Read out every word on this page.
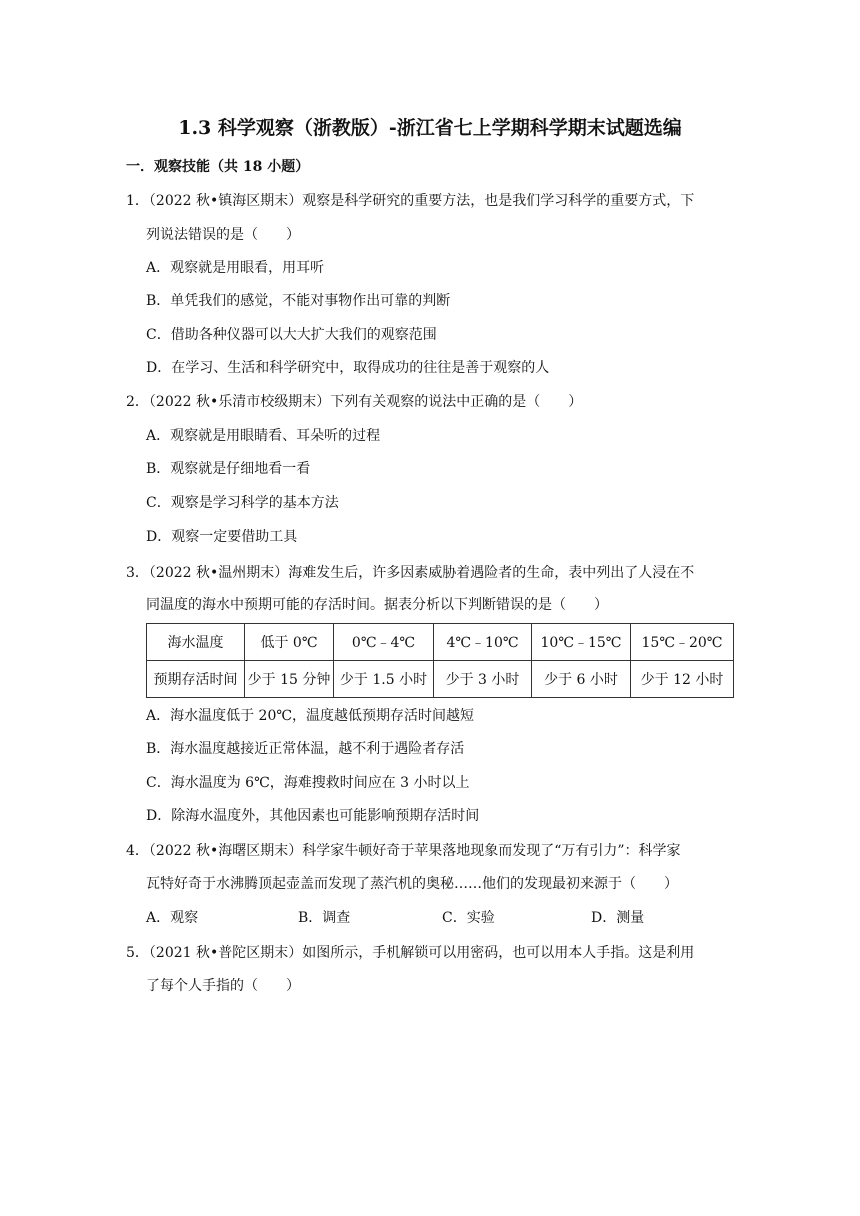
1.3 科学观察（浙教版）-浙江省七上学期科学期末试题选编
一．观察技能（共 18 小题）
1．（2022 秋•镇海区期末）观察是科学研究的重要方法，也是我们学习科学的重要方式，下
列说法错误的是（　　）
A．观察就是用眼看，用耳听
B．单凭我们的感觉，不能对事物作出可靠的判断
C．借助各种仪器可以大大扩大我们的观察范围
D．在学习、生活和科学研究中，取得成功的往往是善于观察的人
2．（2022 秋•乐清市校级期末）下列有关观察的说法中正确的是（　　）
A．观察就是用眼睛看、耳朵听的过程
B．观察就是仔细地看一看
C．观察是学习科学的基本方法
D．观察一定要借助工具
3．（2022 秋•温州期末）海难发生后，许多因素威胁着遇险者的生命，表中列出了人浸在不
同温度的海水中预期可能的存活时间。据表分析以下判断错误的是（　　）
海水温度	低于 0℃	0℃﹣4℃	4℃﹣10℃	10℃﹣15℃	15℃﹣20℃
预期存活时间	少于 15 分钟	少于 1.5 小时	少于 3 小时	少于 6 小时	少于 12 小时
A．海水温度低于 20℃，温度越低预期存活时间越短
B．海水温度越接近正常体温，越不利于遇险者存活
C．海水温度为 6℃，海难搜救时间应在 3 小时以上
D．除海水温度外，其他因素也可能影响预期存活时间
4．（2022 秋•海曙区期末）科学家牛顿好奇于苹果落地现象而发现了“万有引力”：科学家
瓦特好奇于水沸腾顶起壶盖而发现了蒸汽机的奥秘……他们的发现最初来源于（　　）
A．观察	B．调查	C．实验	D．测量
5．（2021 秋•普陀区期末）如图所示，手机解锁可以用密码，也可以用本人手指。这是利用
了每个人手指的（　　）
